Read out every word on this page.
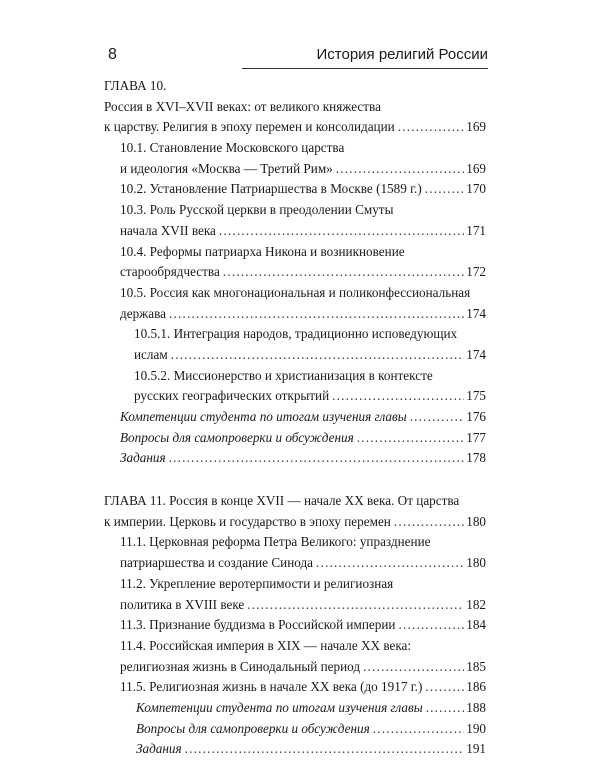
8	История религий России
ГЛАВА 10.
Россия в XVI–XVII веках: от великого княжества
к царству. Религия в эпоху перемен и консолидации .....	169
10.1. Становление Московского царства
и идеология «Москва — Третий Рим» .....	169
10.2. Установление Патриаршества в Москве (1589 г.) .....	170
10.3. Роль Русской церкви в преодолении Смуты
начала XVII века .....	171
10.4. Реформы патриарха Никона и возникновение
старообрядчества .....	172
10.5. Россия как многонациональная и поликонфессиональная
держава .....	174
10.5.1. Интеграция народов, традиционно исповедующих
ислам .....	174
10.5.2. Миссионерство и христианизация в контексте
русских географических открытий .....	175
Компетенции студента по итогам изучения главы .....	176
Вопросы для самопроверки и обсуждения .....	177
Задания .....	178
ГЛАВА 11. Россия в конце XVII — начале XX века. От царства
к империи. Церковь и государство в эпоху перемен .....	180
11.1. Церковная реформа Петра Великого: упразднение
патриаршества и создание Синода .....	180
11.2. Укрепление веротерпимости и религиозная
политика в XVIII веке .....	182
11.3. Признание буддизма в Российской империи .....	184
11.4. Российская империя в XIX — начале XX века:
религиозная жизнь в Синодальный период .....	185
11.5. Религиозная жизнь в начале XX века (до 1917 г.) .....	186
Компетенции студента по итогам изучения главы .....	188
Вопросы для самопроверки и обсуждения .....	190
Задания .....	191
